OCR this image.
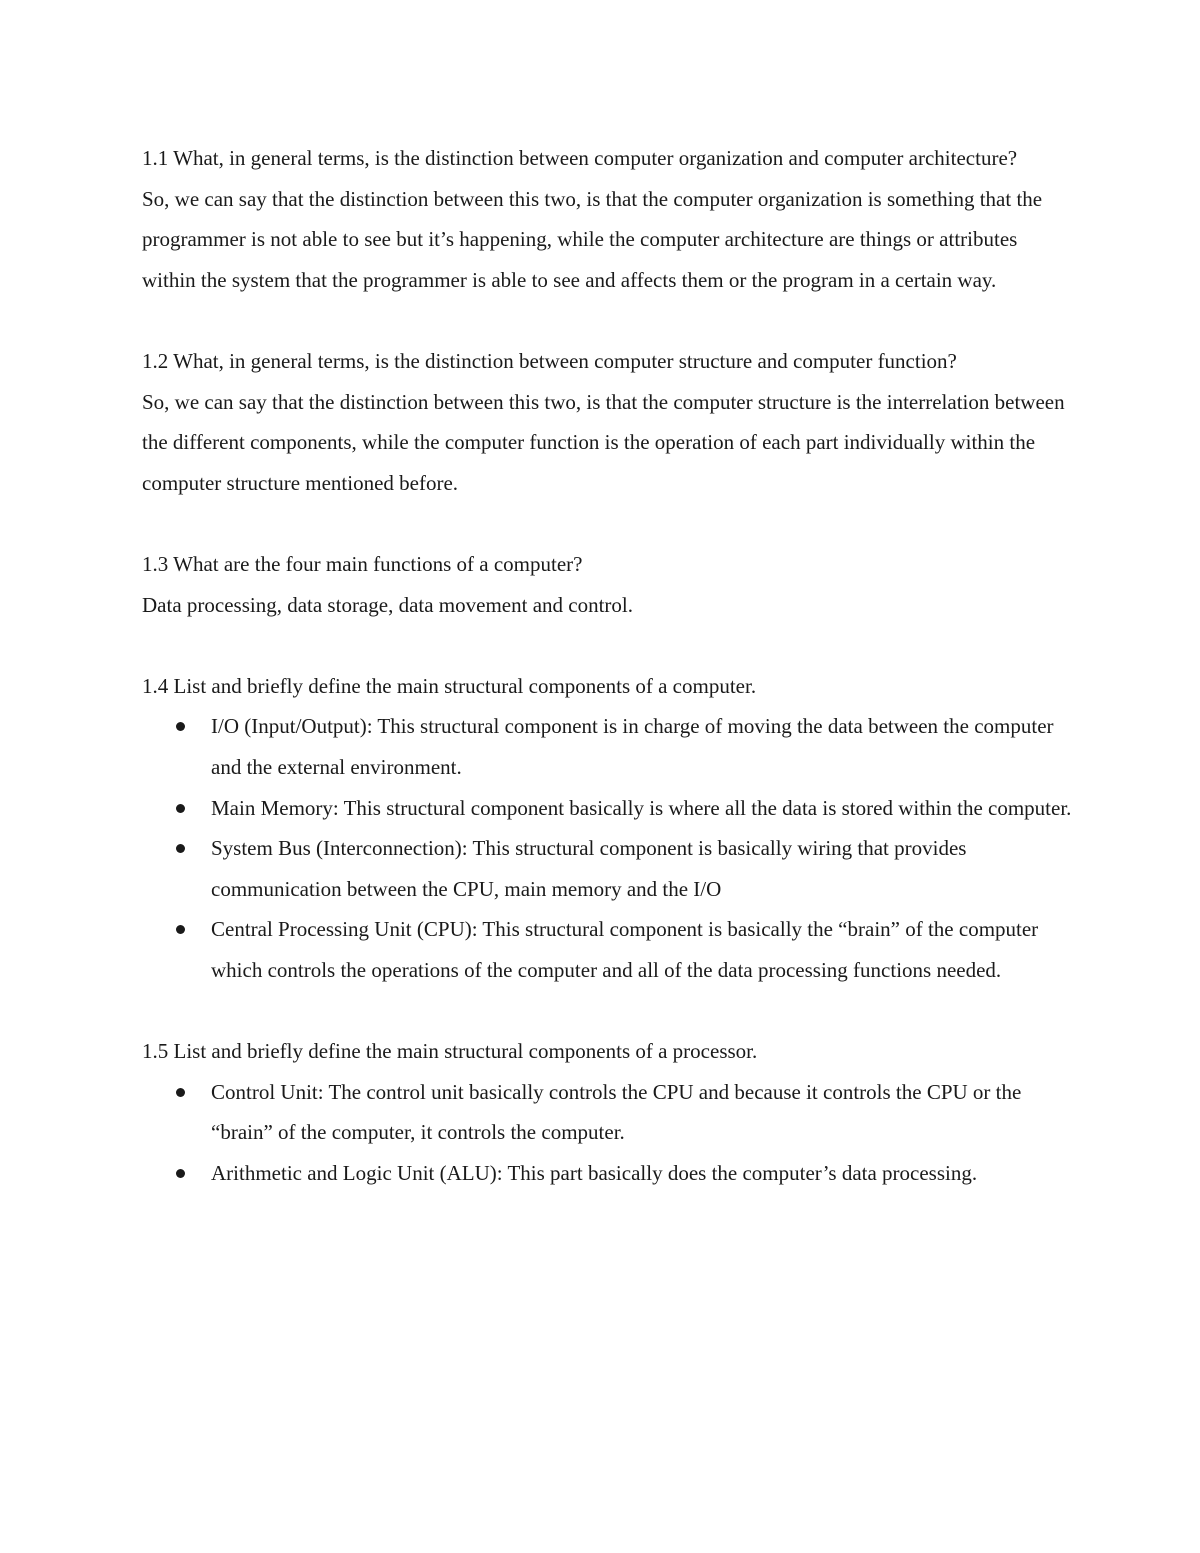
1.1 What, in general terms, is the distinction between computer organization and computer architecture?
So, we can say that the distinction between this two, is that the computer organization is something that the programmer is not able to see but it’s happening, while the computer architecture are things or attributes within the system that the programmer is able to see and affects them or the program in a certain way.
1.2 What, in general terms, is the distinction between computer structure and computer function?
So, we can say that the distinction between this two, is that the computer structure is the interrelation between the different components, while the computer function is the operation of each part individually within the computer structure mentioned before.
1.3 What are the four main functions of a computer?
Data processing, data storage, data movement and control.
1.4 List and briefly define the main structural components of a computer.
I/O (Input/Output): This structural component is in charge of moving the data between the computer and the external environment.
Main Memory: This structural component basically is where all the data is stored within the computer.
System Bus (Interconnection): This structural component is basically wiring that provides communication between the CPU, main memory and the I/O
Central Processing Unit (CPU): This structural component is basically the “brain” of the computer which controls the operations of the computer and all of the data processing functions needed.
1.5 List and briefly define the main structural components of a processor.
Control Unit: The control unit basically controls the CPU and because it controls the CPU or the “brain” of the computer, it controls the computer.
Arithmetic and Logic Unit (ALU): This part basically does the computer’s data processing.
